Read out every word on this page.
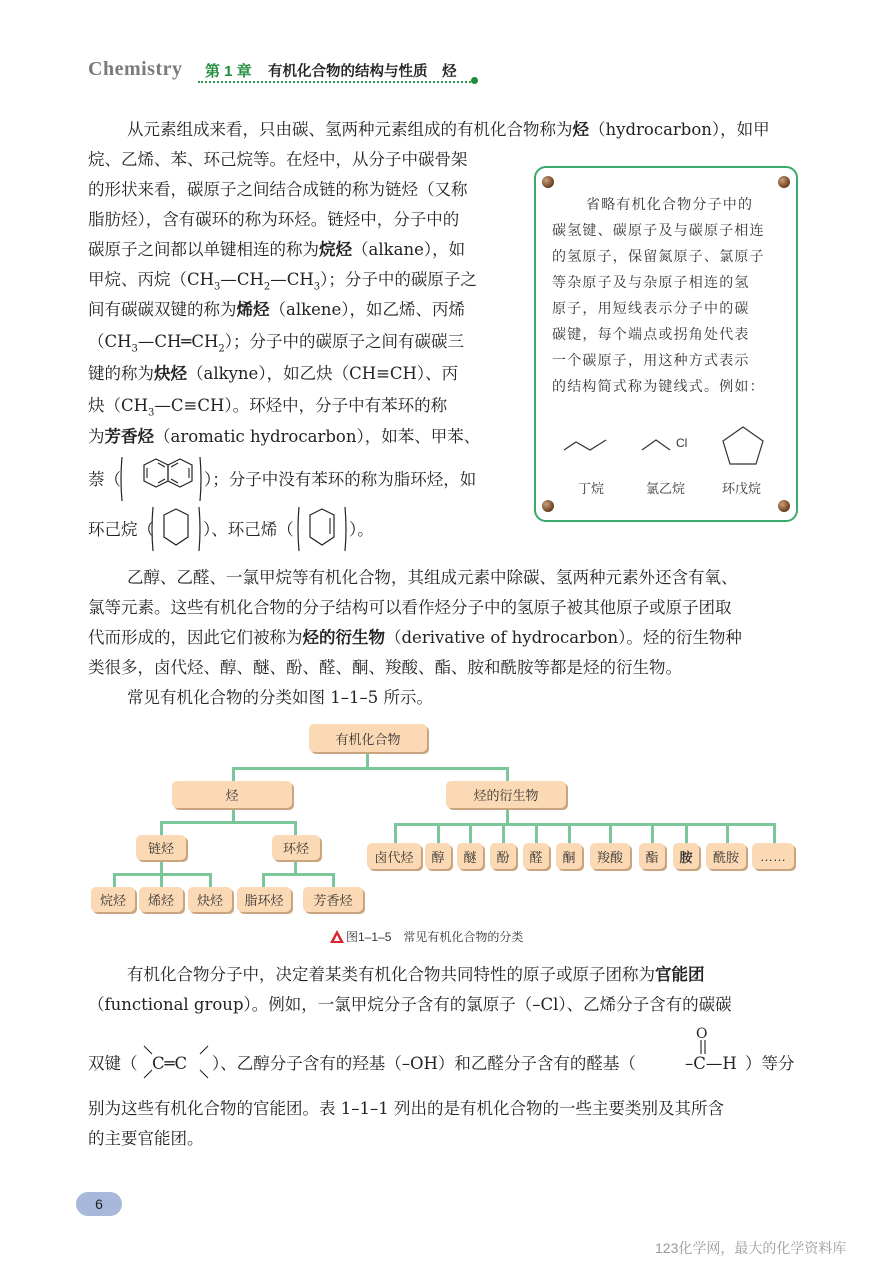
Chemistry 第 1 章 有机化合物的结构与性质　烃
从元素组成来看，只由碳、氢两种元素组成的有机化合物称为烃（hydrocarbon），如甲
烷、乙烯、苯、环己烷等。在烃中，从分子中碳骨架
的形状来看，碳原子之间结合成链的称为链烃（又称
脂肪烃），含有碳环的称为环烃。链烃中，分子中的
碳原子之间都以单键相连的称为烷烃（alkane），如
甲烷、丙烷$(CH_3—CH_2—CH_3)$；分子中的碳原子之
间有碳碳双键的称为烯烃（alkene），如乙烯、丙烯
$(CH_3—CH═CH_2)$；分子中的碳原子之间有碳碳三
键的称为炔烃（alkyne），如乙炔（CH≡CH）、丙
炔$(CH_3—C\equiv CH)$。环烃中，分子中有苯环的称
为芳香烃（aromatic hydrocarbon），如苯、甲苯、
萘（	）；分子中没有苯环的称为脂环烃，如
环己烷（	）、环己烯（	）。
省略有机化合物分子中的
碳氢键、碳原子及与碳原子相连
的氢原子，保留氮原子、氯原子
等杂原子及与杂原子相连的氢
原子，用短线表示分子中的碳
碳键，每个端点或拐角处代表
一个碳原子，用这种方式表示
的结构简式称为键线式。例如：
Cl
丁烷	氯乙烷	环戊烷
乙醇、乙醛、一氯甲烷等有机化合物，其组成元素中除碳、氢两种元素外还含有氧、
氯等元素。这些有机化合物的分子结构可以看作烃分子中的氢原子被其他原子或原子团取
代而形成的，因此它们被称为烃的衍生物（derivative of hydrocarbon）。烃的衍生物种
类很多，卤代烃、醇、醚、酚、醛、酮、羧酸、酯、胺和酰胺等都是烃的衍生物。
常见有机化合物的分类如图 1–1–5 所示。
有机化合物
烃	烃的衍生物
链烃	环烃
烷烃	烯烃	炔烃	脂环烃	芳香烃
卤代烃	醇	醚	酚	醛	酮	羧酸	酯	胺	酰胺	……
图1–1–5　常见有机化合物的分类
有机化合物分子中，决定着某类有机化合物共同特性的原子或原子团称为官能团
（functional group）。例如，一氯甲烷分子含有的氯原子（–Cl）、乙烯分子含有的碳碳
双键（ C═C ）、乙醇分子含有的羟基（–OH）和乙醛分子含有的醛基（
O
–C—H ）等分
别为这些有机化合物的官能团。表 1–1–1 列出的是有机化合物的一些主要类别及其所含
的主要官能团。
6
123化学网，最大的化学资料库
